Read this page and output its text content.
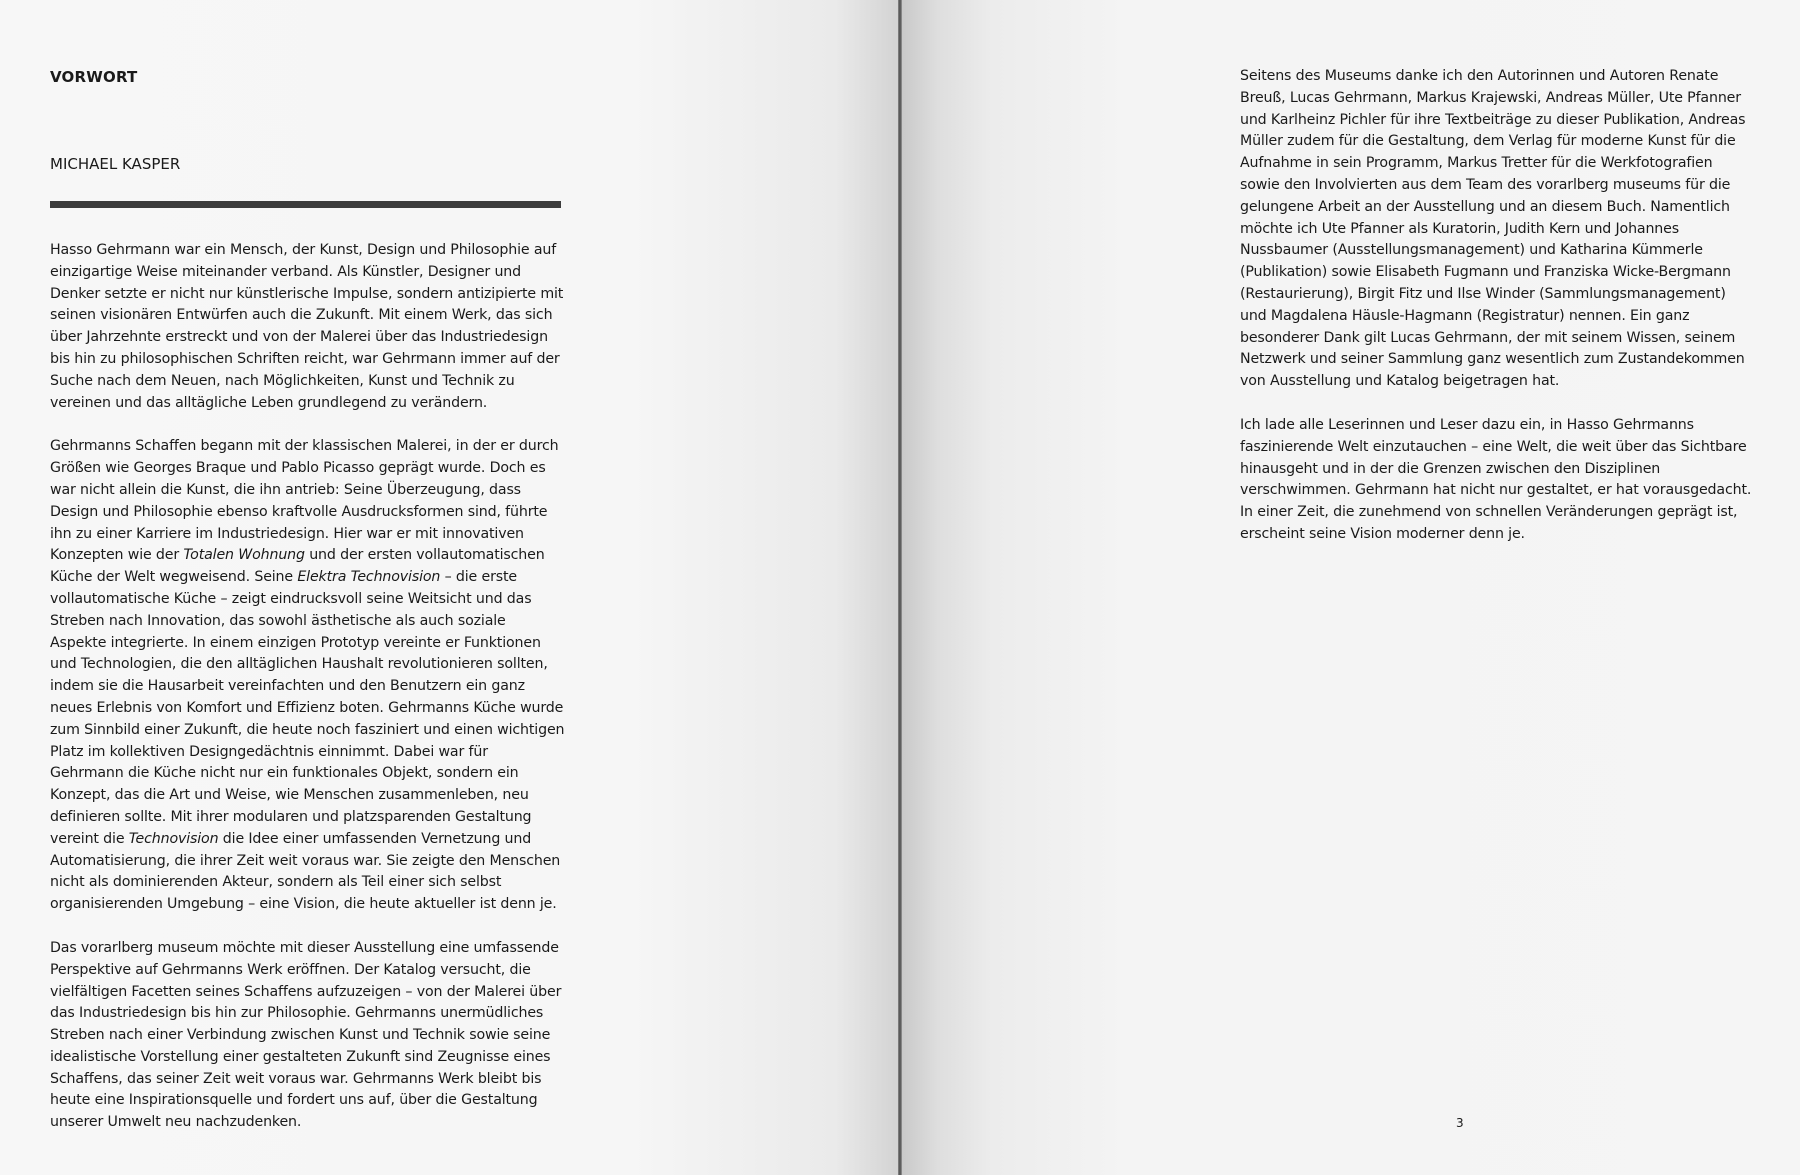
VORWORT
MICHAEL KASPER

Hasso Gehrmann war ein Mensch, der Kunst, Design und Philosophie auf einzigartige Weise miteinander verband. Als Künstler, Designer und Denker setzte er nicht nur künstlerische Impulse, sondern antizipierte mit seinen visionären Entwürfen auch die Zukunft. Mit einem Werk, das sich über Jahrzehnte erstreckt und von der Malerei über das Industriedesign bis hin zu philosophischen Schriften reicht, war Gehrmann immer auf der Suche nach dem Neuen, nach Möglichkeiten, Kunst und Technik zu vereinen und das alltägliche Leben grundlegend zu verändern.

Gehrmanns Schaffen begann mit der klassischen Malerei, in der er durch Größen wie Georges Braque und Pablo Picasso geprägt wurde. Doch es war nicht allein die Kunst, die ihn antrieb: Seine Überzeugung, dass Design und Philosophie ebenso kraftvolle Ausdrucksformen sind, führte ihn zu einer Karriere im Industriedesign. Hier war er mit innovativen Konzepten wie der Totalen Wohnung und der ersten vollautomatischen Küche der Welt wegweisend. Seine Elektra Technovision – die erste vollautomatische Küche – zeigt eindrucksvoll seine Weitsicht und das Streben nach Innovation, das sowohl ästhetische als auch soziale Aspekte integrierte. In einem einzigen Prototyp vereinte er Funktionen und Technologien, die den alltäglichen Haushalt revolutionieren sollten, indem sie die Hausarbeit vereinfachten und den Benutzern ein ganz neues Erlebnis von Komfort und Effizienz boten. Gehrmanns Küche wurde zum Sinnbild einer Zukunft, die heute noch fasziniert und einen wichtigen Platz im kollektiven Designgedächtnis einnimmt. Dabei war für Gehrmann die Küche nicht nur ein funktionales Objekt, sondern ein Konzept, das die Art und Weise, wie Menschen zusammenleben, neu definieren sollte. Mit ihrer modularen und platzsparenden Gestaltung vereint die Technovision die Idee einer umfassenden Vernetzung und Automatisierung, die ihrer Zeit weit voraus war. Sie zeigte den Menschen nicht als dominierenden Akteur, sondern als Teil einer sich selbst organisierenden Umgebung – eine Vision, die heute aktueller ist denn je.

Das vorarlberg museum möchte mit dieser Ausstellung eine umfassende Perspektive auf Gehrmanns Werk eröffnen. Der Katalog versucht, die vielfältigen Facetten seines Schaffens aufzuzeigen – von der Malerei über das Industriedesign bis hin zur Philosophie. Gehrmanns unermüdliches Streben nach einer Verbindung zwischen Kunst und Technik sowie seine idealistische Vorstellung einer gestalteten Zukunft sind Zeugnisse eines Schaffens, das seiner Zeit weit voraus war. Gehrmanns Werk bleibt bis heute eine Inspirationsquelle und fordert uns auf, über die Gestaltung unserer Umwelt neu nachzudenken.

Seitens des Museums danke ich den Autorinnen und Autoren Renate Breuß, Lucas Gehrmann, Markus Krajewski, Andreas Müller, Ute Pfanner und Karlheinz Pichler für ihre Textbeiträge zu dieser Publikation, Andreas Müller zudem für die Gestaltung, dem Verlag für moderne Kunst für die Aufnahme in sein Programm, Markus Tretter für die Werkfotografien sowie den Involvierten aus dem Team des vorarlberg museums für die gelungene Arbeit an der Ausstellung und an diesem Buch. Namentlich möchte ich Ute Pfanner als Kuratorin, Judith Kern und Johannes Nussbaumer (Ausstellungsmanagement) und Katharina Kümmerle (Publikation) sowie Elisabeth Fugmann und Franziska Wicke-Bergmann (Restaurierung), Birgit Fitz und Ilse Winder (Sammlungsmanagement) und Magdalena Häusle-Hagmann (Registratur) nennen. Ein ganz besonderer Dank gilt Lucas Gehrmann, der mit seinem Wissen, seinem Netzwerk und seiner Sammlung ganz wesentlich zum Zustandekommen von Ausstellung und Katalog beigetragen hat.

Ich lade alle Leserinnen und Leser dazu ein, in Hasso Gehrmanns faszinierende Welt einzutauchen – eine Welt, die weit über das Sichtbare hinausgeht und in der die Grenzen zwischen den Disziplinen verschwimmen. Gehrmann hat nicht nur gestaltet, er hat vorausgedacht. In einer Zeit, die zunehmend von schnellen Veränderungen geprägt ist, erscheint seine Vision moderner denn je.

3
